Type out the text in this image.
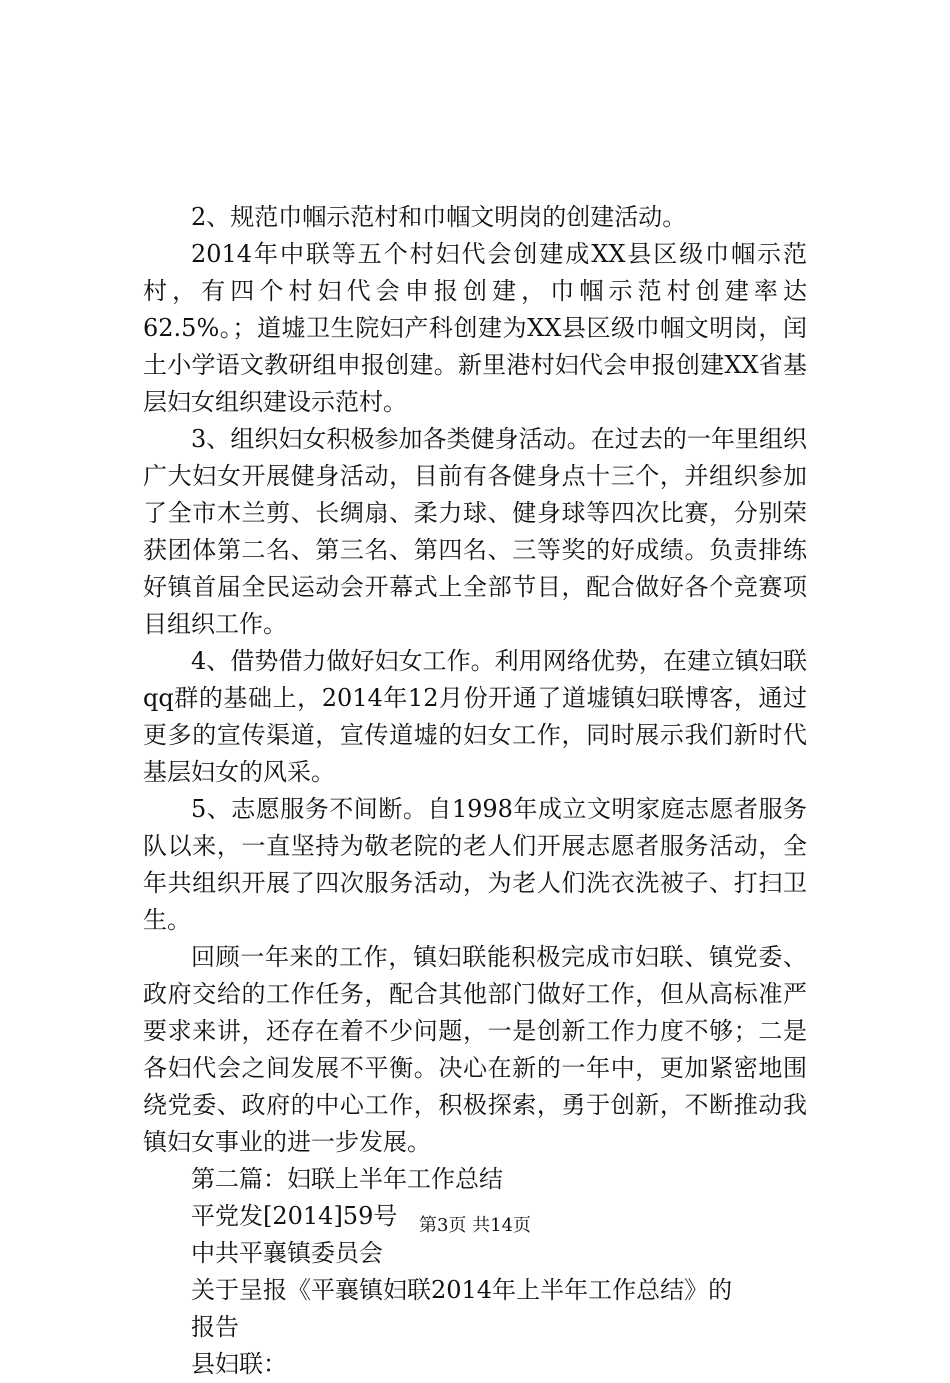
2、规范巾帼示范村和巾帼文明岗的创建活动。

2014年中联等五个村妇代会创建成XX县区级巾帼示范村，有四个村妇代会申报创建，巾帼示范村创建率达62.5%。；道墟卫生院妇产科创建为XX县区级巾帼文明岗，闰土小学语文教研组申报创建。新里港村妇代会申报创建XX省基层妇女组织建设示范村。

3、组织妇女积极参加各类健身活动。在过去的一年里组织广大妇女开展健身活动，目前有各健身点十三个，并组织参加了全市木兰剪、长绸扇、柔力球、健身球等四次比赛，分别荣获团体第二名、第三名、第四名、三等奖的好成绩。负责排练好镇首届全民运动会开幕式上全部节目，配合做好各个竞赛项目组织工作。

4、借势借力做好妇女工作。利用网络优势，在建立镇妇联qq群的基础上，2014年12月份开通了道墟镇妇联博客，通过更多的宣传渠道，宣传道墟的妇女工作，同时展示我们新时代基层妇女的风采。

5、志愿服务不间断。自1998年成立文明家庭志愿者服务队以来，一直坚持为敬老院的老人们开展志愿者服务活动，全年共组织开展了四次服务活动，为老人们洗衣洗被子、打扫卫生。

回顾一年来的工作，镇妇联能积极完成市妇联、镇党委、政府交给的工作任务，配合其他部门做好工作，但从高标准严要求来讲，还存在着不少问题，一是创新工作力度不够；二是各妇代会之间发展不平衡。决心在新的一年中，更加紧密地围绕党委、政府的中心工作，积极探索，勇于创新，不断推动我镇妇女事业的进一步发展。

第二篇：妇联上半年工作总结

平党发[2014]59号

中共平襄镇委员会

关于呈报《平襄镇妇联2014年上半年工作总结》的

报告

县妇联：

第3页 共14页
